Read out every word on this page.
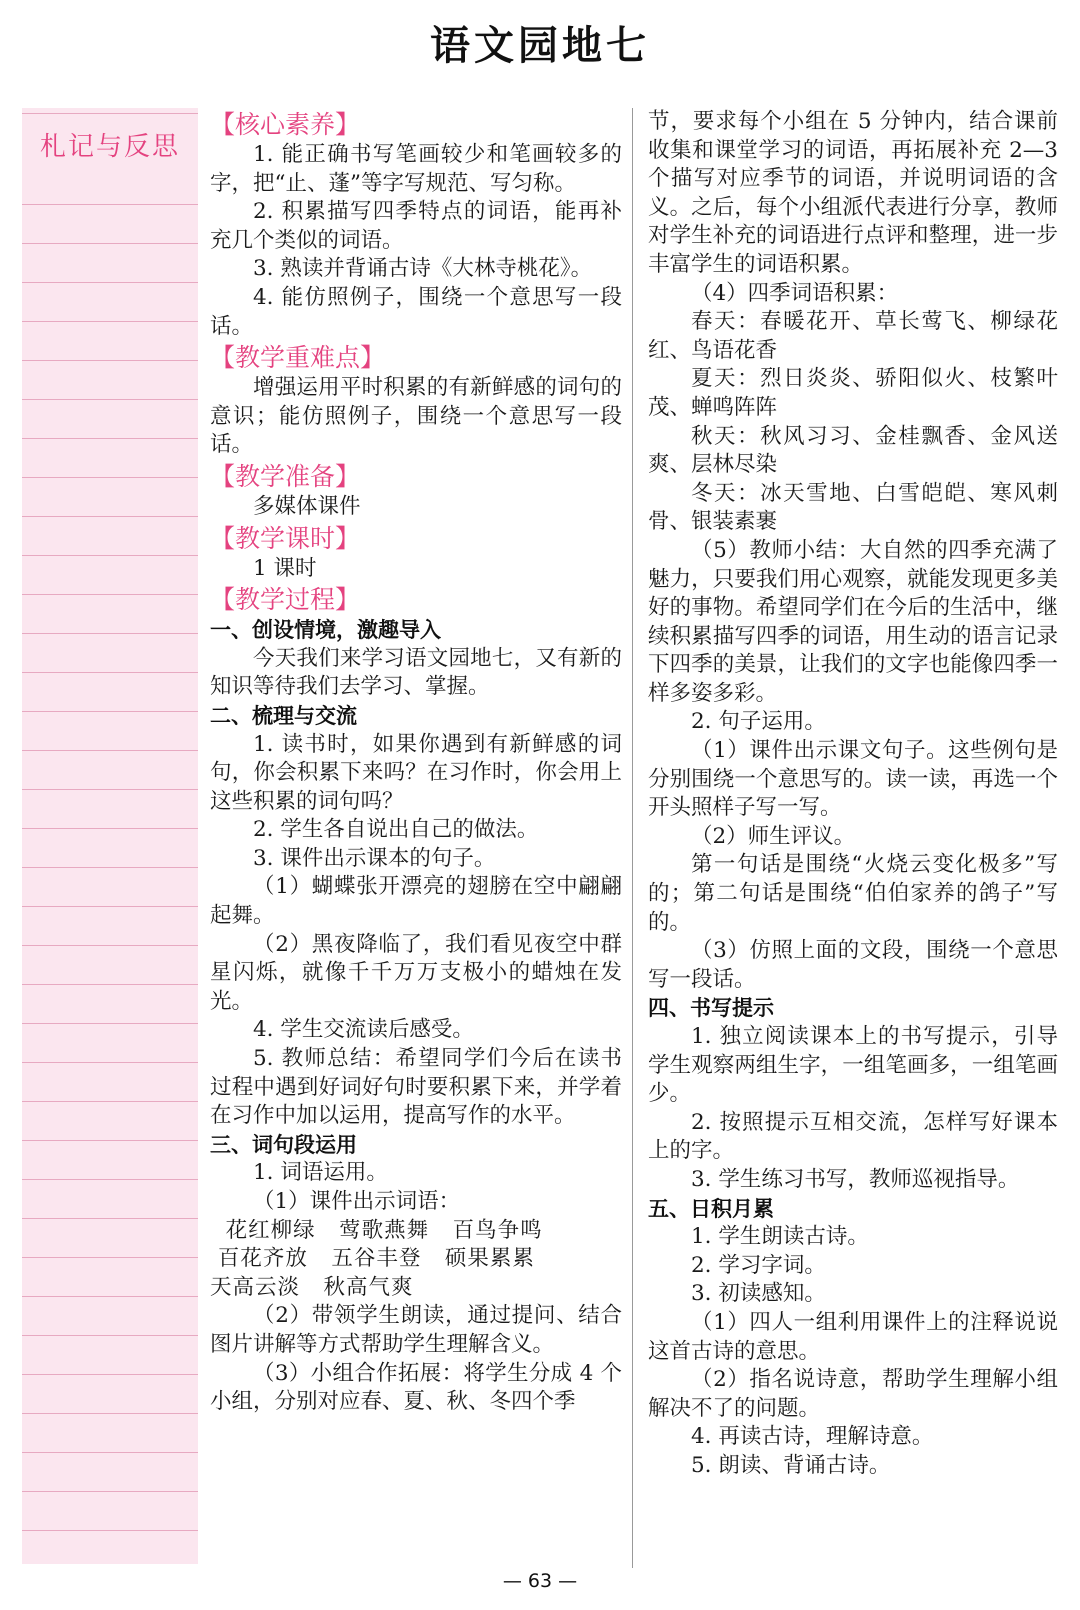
语文园地七
札记与反思
【核心素养】

1. 能正确书写笔画较少和笔画较多的字，把“止、蓬”等字写规范、写匀称。

2. 积累描写四季特点的词语，能再补充几个类似的词语。

3. 熟读并背诵古诗《大林寺桃花》。

4. 能仿照例子，围绕一个意思写一段话。

【教学重难点】

增强运用平时积累的有新鲜感的词句的意识；能仿照例子，围绕一个意思写一段话。

【教学准备】

多媒体课件

【教学课时】

1 课时

【教学过程】
一、创设情境，激趣导入

今天我们来学习语文园地七，又有新的知识等待我们去学习、掌握。

二、梳理与交流

1. 读书时，如果你遇到有新鲜感的词句，你会积累下来吗？在习作时，你会用上这些积累的词句吗？

2. 学生各自说出自己的做法。

3. 课件出示课本的句子。

（1）蝴蝶张开漂亮的翅膀在空中翩翩起舞。

（2）黑夜降临了，我们看见夜空中群星闪烁，就像千千万万支极小的蜡烛在发光。

4. 学生交流读后感受。

5. 教师总结：希望同学们今后在读书过程中遇到好词好句时要积累下来，并学着在习作中加以运用，提高写作的水平。

三、词句段运用

1. 词语运用。

（1）课件出示词语：

花红柳绿   莺歌燕舞   百鸟争鸣

百花齐放   五谷丰登   硕果累累

天高云淡   秋高气爽

（2）带领学生朗读，通过提问、结合图片讲解等方式帮助学生理解含义。

（3）小组合作拓展：将学生分成 4 个小组，分别对应春、夏、秋、冬四个季

节，要求每个小组在 5 分钟内，结合课前收集和课堂学习的词语，再拓展补充 2—3 个描写对应季节的词语，并说明词语的含义。之后，每个小组派代表进行分享，教师对学生补充的词语进行点评和整理，进一步丰富学生的词语积累。

（4）四季词语积累：

春天：春暖花开、草长莺飞、柳绿花红、鸟语花香

夏天：烈日炎炎、骄阳似火、枝繁叶茂、蝉鸣阵阵

秋天：秋风习习、金桂飘香、金风送爽、层林尽染

冬天：冰天雪地、白雪皑皑、寒风刺骨、银装素裹

（5）教师小结：大自然的四季充满了魅力，只要我们用心观察，就能发现更多美好的事物。希望同学们在今后的生活中，继续积累描写四季的词语，用生动的语言记录下四季的美景，让我们的文字也能像四季一样多姿多彩。

2. 句子运用。

（1）课件出示课文句子。这些例句是分别围绕一个意思写的。读一读，再选一个开头照样子写一写。

（2）师生评议。

第一句话是围绕“火烧云变化极多”写的；第二句话是围绕“伯伯家养的鸽子”写的。

（3）仿照上面的文段，围绕一个意思写一段话。

四、书写提示

1. 独立阅读课本上的书写提示，引导学生观察两组生字，一组笔画多，一组笔画少。

2. 按照提示互相交流，怎样写好课本上的字。

3. 学生练习书写，教师巡视指导。

五、日积月累

1. 学生朗读古诗。

2. 学习字词。

3. 初读感知。

（1）四人一组利用课件上的注释说说这首古诗的意思。

（2）指名说诗意，帮助学生理解小组解决不了的问题。

4. 再读古诗，理解诗意。

5. 朗读、背诵古诗。

— 63 —
